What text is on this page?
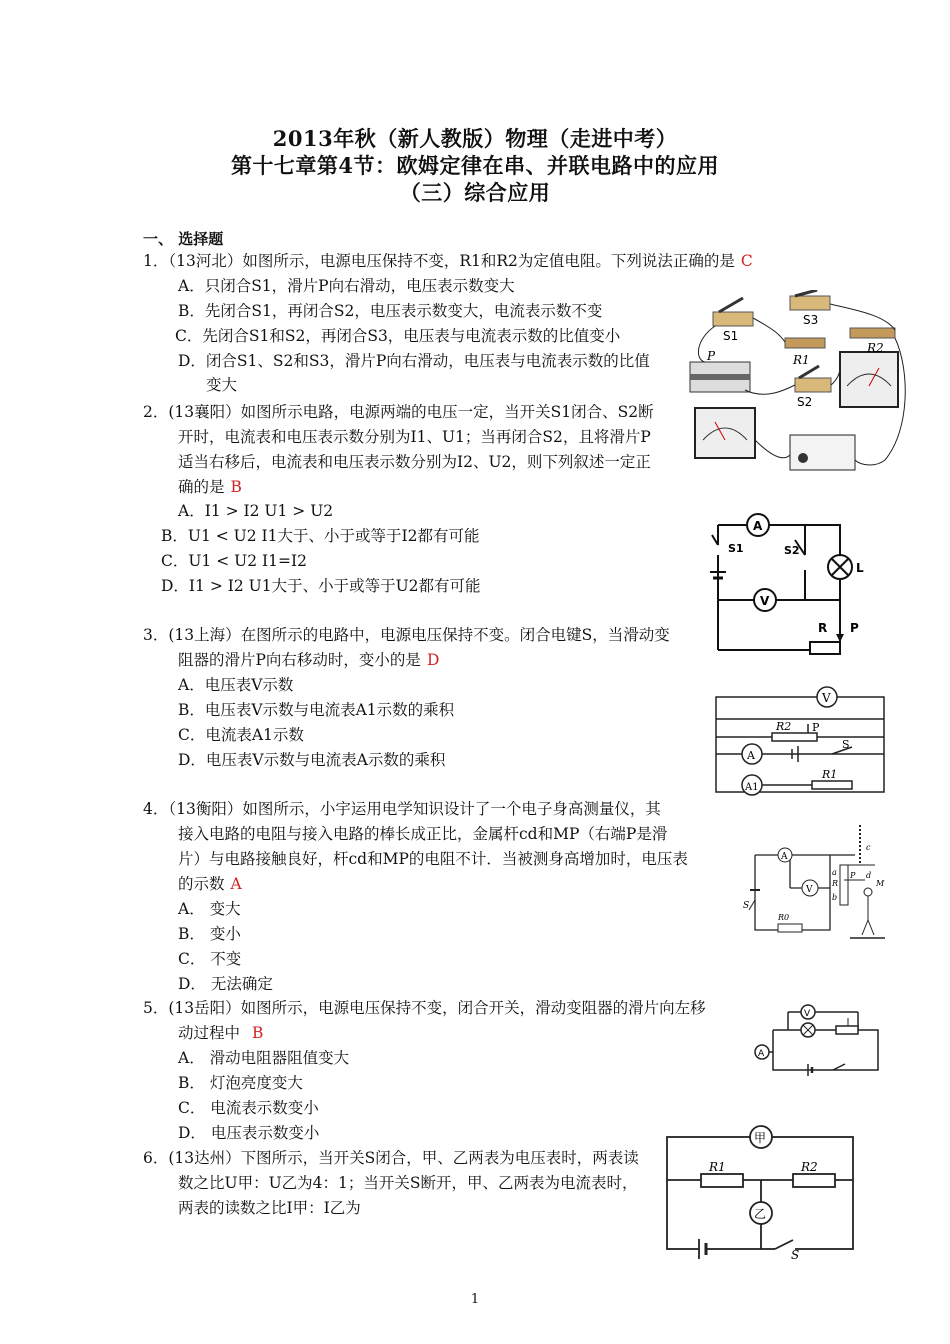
2013年秋（新人教版）物理（走进中考）
第十七章第4节：欧姆定律在串、并联电路中的应用
（三）综合应用
一、 选择题
1．（13河北）如图所示，电源电压保持不变，R1和R2为定值电阻。下列说法正确的是 C
A．只闭合S1，滑片P向右滑动，电压表示数变大
B．先闭合S1，再闭合S2，电压表示数变大，电流表示数不变
C．先闭合S1和S2，再闭合S3，电压表与电流表示数的比值变小
D．闭合S1、S2和S3，滑片P向右滑动，电压表与电流表示数的比值
变大
2．(13襄阳）如图所示电路，电源两端的电压一定，当开关S1闭合、S2断
开时，电流表和电压表示数分别为I1、U1；当再闭合S2，且将滑片P
适当右移后，电流表和电压表示数分别为I2、U2，则下列叙述一定正
确的是 B
A．I1 > I2 U1 > U2
B．U1 < U2 I1大于、小于或等于I2都有可能
C．U1 < U2 I1=I2
D．I1 > I2 U1大于、小于或等于U2都有可能
3．(13上海）在图所示的电路中，电源电压保持不变。闭合电键S，当滑动变
阻器的滑片P向右移动时，变小的是 D
A．电压表V示数
B．电压表V示数与电流表A1示数的乘积
C．电流表A1示数
D．电压表V示数与电流表A示数的乘积
4．（13衡阳）如图所示，小宇运用电学知识设计了一个电子身高测量仪，其
接入电路的电阻与接入电路的棒长成正比，金属杆cd和MP（右端P是滑
片）与电路接触良好，杆cd和MP的电阻不计．当被测身高增加时，电压表
的示数 A
A． 变大
B． 变小
C． 不变
D． 无法确定
5．(13岳阳）如图所示，电源电压保持不变，闭合开关，滑动变阻器的滑片向左移
动过程中 B
A． 滑动电阻器阻值变大
B． 灯泡亮度变大
C． 电流表示数变小
D． 电压表示数变小
6．(13达州）下图所示，当开关S闭合，甲、乙两表为电压表时，两表读
数之比U甲：U乙为4：1；当开关S断开，甲、乙两表为电流表时，
两表的读数之比I甲：I乙为
S1
S3
P	R1
R2
S2
A
S1	S2
L
V
R P
V
R2 P
A
S
A1
R1
A
V
S
R0
a
R
b
P
c
d
M
V
A
甲
R1	R2
乙
S
1
